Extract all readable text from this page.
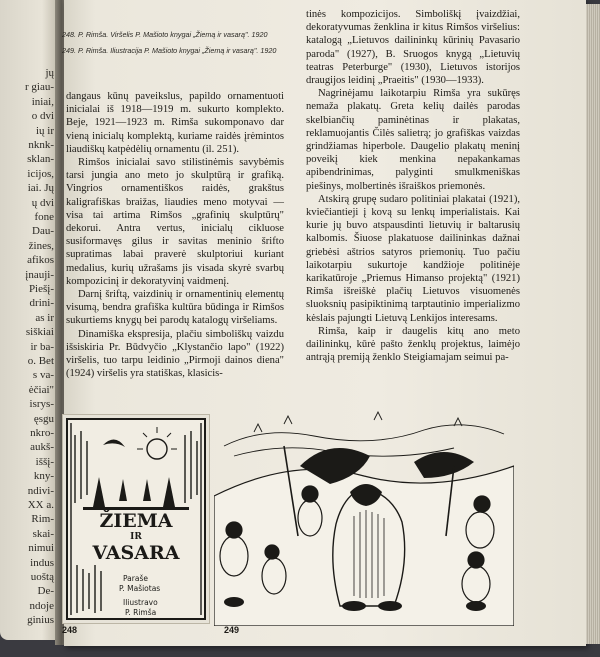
jų
r giau-
iniai,
o dvi
ių ir
nknk-
sklan-
icijos,
iai. Jų
ų dvi
fone
Dau-
žines,
afikos
įnauji-
Piešį-
drini-
as ir
siškiai
ir ba-
o. Bet
s va-
ėčiai"
isrys-
ęsgu
nkro-
aukš-
iššį-
kny-
ndivi-
XX a.
Rim-
skai-
nimui
indus
uoštą
De-
ndoje
ginius
248. P. Rimša. Viršelis P. Mašioto knygai „Žiemą ir vasarą". 1920
249. P. Rimša. Iliustracija P. Mašioto knygai „Žiemą ir vasarą". 1920

dangaus kūnų paveikslus, papildo ornamentuoti inicialai iš 1918—1919 m. sukurto komplekto. Beje, 1921—1923 m. Rimša sukomponavo dar vieną inicialų komplektą, kuriame raidės įrėmintos liaudiškų katpėdėlių ornamentu (il. 251).

Rimšos inicialai savo stilistinėmis savybėmis tarsi jungia ano meto jo skulptūrą ir grafiką. Vingrios ornamentiškos raidės, grakštus kaligrafiškas braižas, liaudies meno motyvai — visa tai artima Rimšos „grafinių skulptūrų" dekorui. Antra vertus, inicialų cikluose susiformavęs gilus ir savitas meninio šrifto supratimas labai praverė skulptoriui kuriant medalius, kurių užrašams jis visada skyrė svarbų kompozicinį ir dekoratyvinį vaidmenį.

Darnį šriftą, vaizdinių ir ornamentinių elementų visumą, bendra grafiška kultūra būdinga ir Rimšos sukurtiems knygų bei parodų katalogų viršeliams.

Dinamiška ekspresija, plačiu simboliškų vaizdu išsiskiria Pr. Būdvyčio „Klystančio lapo" (1922) viršelis, tuo tarpu leidinio „Pirmoji dainos diena" (1924) viršelis yra statiškas, klasicis-

tinės kompozicijos. Simboliškį įvaizdžiai, dekoratyvumas ženklina ir kitus Rimšos viršelius: katalogą „Lietuvos dailininkų kūrinių Pavasario paroda" (1927), B. Sruogos knygą „Lietuvių teatras Peterburge" (1930), Lietuvos istorijos draugijos leidinį „Praeitis" (1930—1933).

Nagrinėjamu laikotarpiu Rimša yra sukūręs nemaža plakatų. Greta kelių dailės parodas skelbiančių paminėtinas ir plakatas, reklamuojantis Čilės salietrą; jo grafiškas vaizdas grindžiamas hiperbole. Daugelio plakatų meninį poveikį kiek menkina nepakankamas apibendrinimas, palyginti smulkmeniškas piešinys, molbertinės išraiškos priemonės.

Atskirą grupę sudaro politiniai plakatai (1921), kviečiantieji į kovą su lenkų imperialistais. Kai kurie jų buvo atspausdinti lietuvių ir baltarusių kalbomis. Šiuose plakatuose dailininkas dažnai griebėsi aštrios satyros priemonių. Tuo pačiu laikotarpiu sukurtoje kandžioje politinėje karikatūroje „Priemus Himanso projektą" (1921) Rimša išreiškė plačių Lietuvos visuomenės sluoksnių pasipiktinimą tarptautinio imperializmo kėslais pajungti Lietuvą Lenkijos interesams.

Rimša, kaip ir daugelis kitų ano meto dailininkų, kūrė pašto ženklų projektus, laimėjo antrąją premiją ženklo Steigiamajam seimui pa-

ŽIEMA
IR
VASARA
Paraše
P. Mašiotas
Iliustravo
P. Rimša
248	249
